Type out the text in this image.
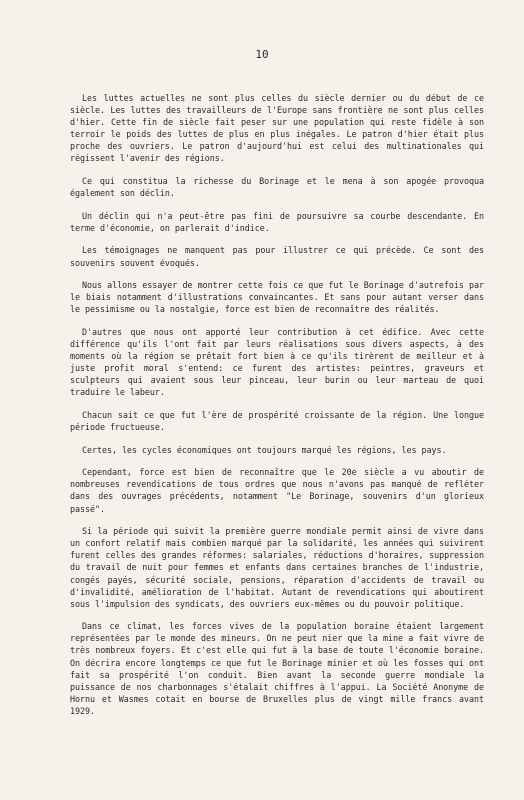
10

Les luttes actuelles ne sont plus celles du siècle dernier ou du début de ce siècle. Les luttes des travailleurs de l'Europe sans frontière ne sont plus celles d'hier. Cette fin de siècle fait peser sur une population qui reste fidèle à son terroir le poids des luttes de plus en plus inégales. Le patron d'hier était plus proche des ouvriers. Le patron d'aujourd'hui est celui des multinationales qui régissent l'avenir des régions.

Ce qui constitua la richesse du Borinage et le mena à son apogée provoqua également son déclin.

Un déclin qui n'a peut-être pas fini de poursuivre sa courbe descendante. En terme d'économie, on parlerait d'indice.

Les témoignages ne manquent pas pour illustrer ce qui précède. Ce sont des souvenirs souvent évoqués.

Nous allons essayer de montrer cette fois ce que fut le Borinage d'autrefois par le biais notamment d'illustrations convaincantes. Et sans pour autant verser dans le pessimisme ou la nostalgie, force est bien de reconnaître des réalités.

D'autres que nous ont apporté leur contribution à cet édifice. Avec cette différence qu'ils l'ont fait par leurs réalisations sous divers aspects, à des moments où la région se prêtait fort bien à ce qu'ils tirèrent de meilleur et à juste profit moral s'entend: ce furent des artistes: peintres, graveurs et sculpteurs qui avaient sous leur pinceau, leur burin ou leur marteau de quoi traduire le labeur.

Chacun sait ce que fut l'ère de prospérité croissante de la région. Une longue période fructueuse.

Certes, les cycles économiques ont toujours marqué les régions, les pays.

Cependant, force est bien de reconnaître que le 20e siècle a vu aboutir de nombreuses revendications de tous ordres que nous n'avons pas manqué de refléter dans des ouvrages précédents, notamment "Le Borinage, souvenirs d'un glorieux passé".

Si la période qui suivit la première guerre mondiale permit ainsi de vivre dans un confort relatif mais combien marqué par la solidarité, les années qui suivirent furent celles des grandes réformes: salariales, réductions d'horaires, suppression du travail de nuit pour femmes et enfants dans certaines branches de l'industrie, congés payés, sécurité sociale, pensions, réparation d'accidents de travail ou d'invalidité, amélioration de l'habitat. Autant de revendications qui aboutirent sous l'impulsion des syndicats, des ouvriers eux-mêmes ou du pouvoir politique.

Dans ce climat, les forces vives de la population boraine étaient largement représentées par le monde des mineurs. On ne peut nier que la mine a fait vivre de très nombreux foyers. Et c'est elle qui fut à la base de toute l'économie boraine. On décrira encore longtemps ce que fut le Borinage minier et où les fosses qui ont fait sa prospérité l'on conduit. Bien avant la seconde guerre mondiale la puissance de nos charbonnages s'étalait chiffres à l'appui. La Société Anonyme de Hornu et Wasmes cotait en bourse de Bruxelles plus de vingt mille francs avant 1929.
